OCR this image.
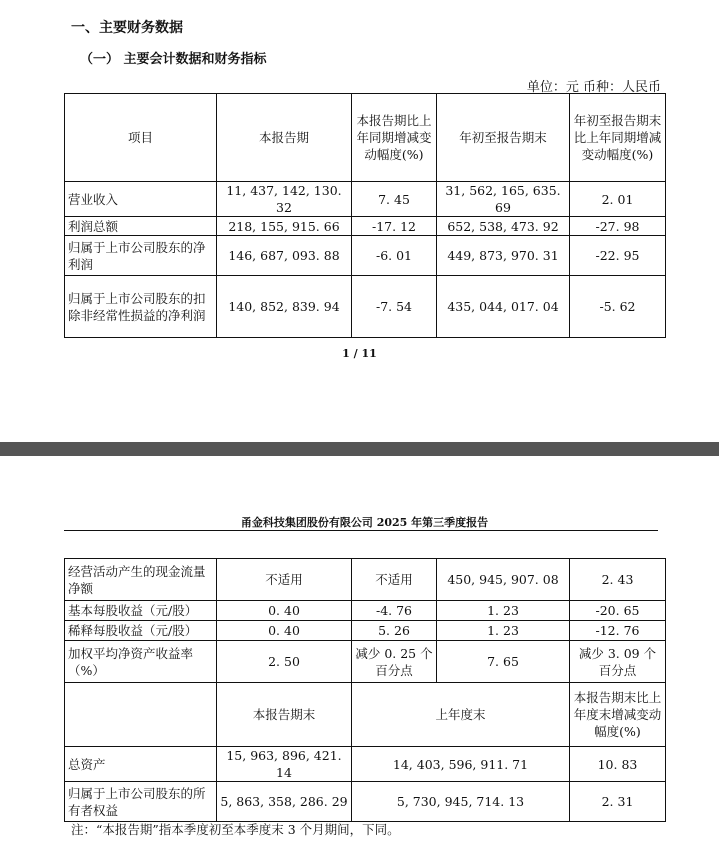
一、主要财务数据
（一） 主要会计数据和财务指标
单位：元 币种：人民币
项目	本报告期	本报告期比上年同期增减变动幅度(%)	年初至报告期末	年初至报告期末比上年同期增减变动幅度(%)
营业收入	11, 437, 142, 130. 32	7. 45	31, 562, 165, 635. 69	2. 01
利润总额	218, 155, 915. 66	-17. 12	652, 538, 473. 92	-27. 98
归属于上市公司股东的净利润	146, 687, 093. 88	-6. 01	449, 873, 970. 31	-22. 95
归属于上市公司股东的扣除非经常性损益的净利润	140, 852, 839. 94	-7. 54	435, 044, 017. 04	-5. 62
1 / 11
甬金科技集团股份有限公司 2025 年第三季度报告
经营活动产生的现金流量净额	不适用	不适用	450, 945, 907. 08	2. 43
基本每股收益（元/股）	0. 40	-4. 76	1. 23	-20. 65
稀释每股收益（元/股）	0. 40	5. 26	1. 23	-12. 76
加权平均净资产收益率（%）	2. 50	减少 0. 25 个百分点	7. 65	减少 3. 09 个百分点
	本报告期末	上年度末		本报告期末比上年度末增减变动幅度(%)
总资产	15, 963, 896, 421. 14	14, 403, 596, 911. 71		10. 83
归属于上市公司股东的所有者权益	5, 863, 358, 286. 29	5, 730, 945, 714. 13		2. 31
注：“本报告期”指本季度初至本季度末 3 个月期间，下同。
